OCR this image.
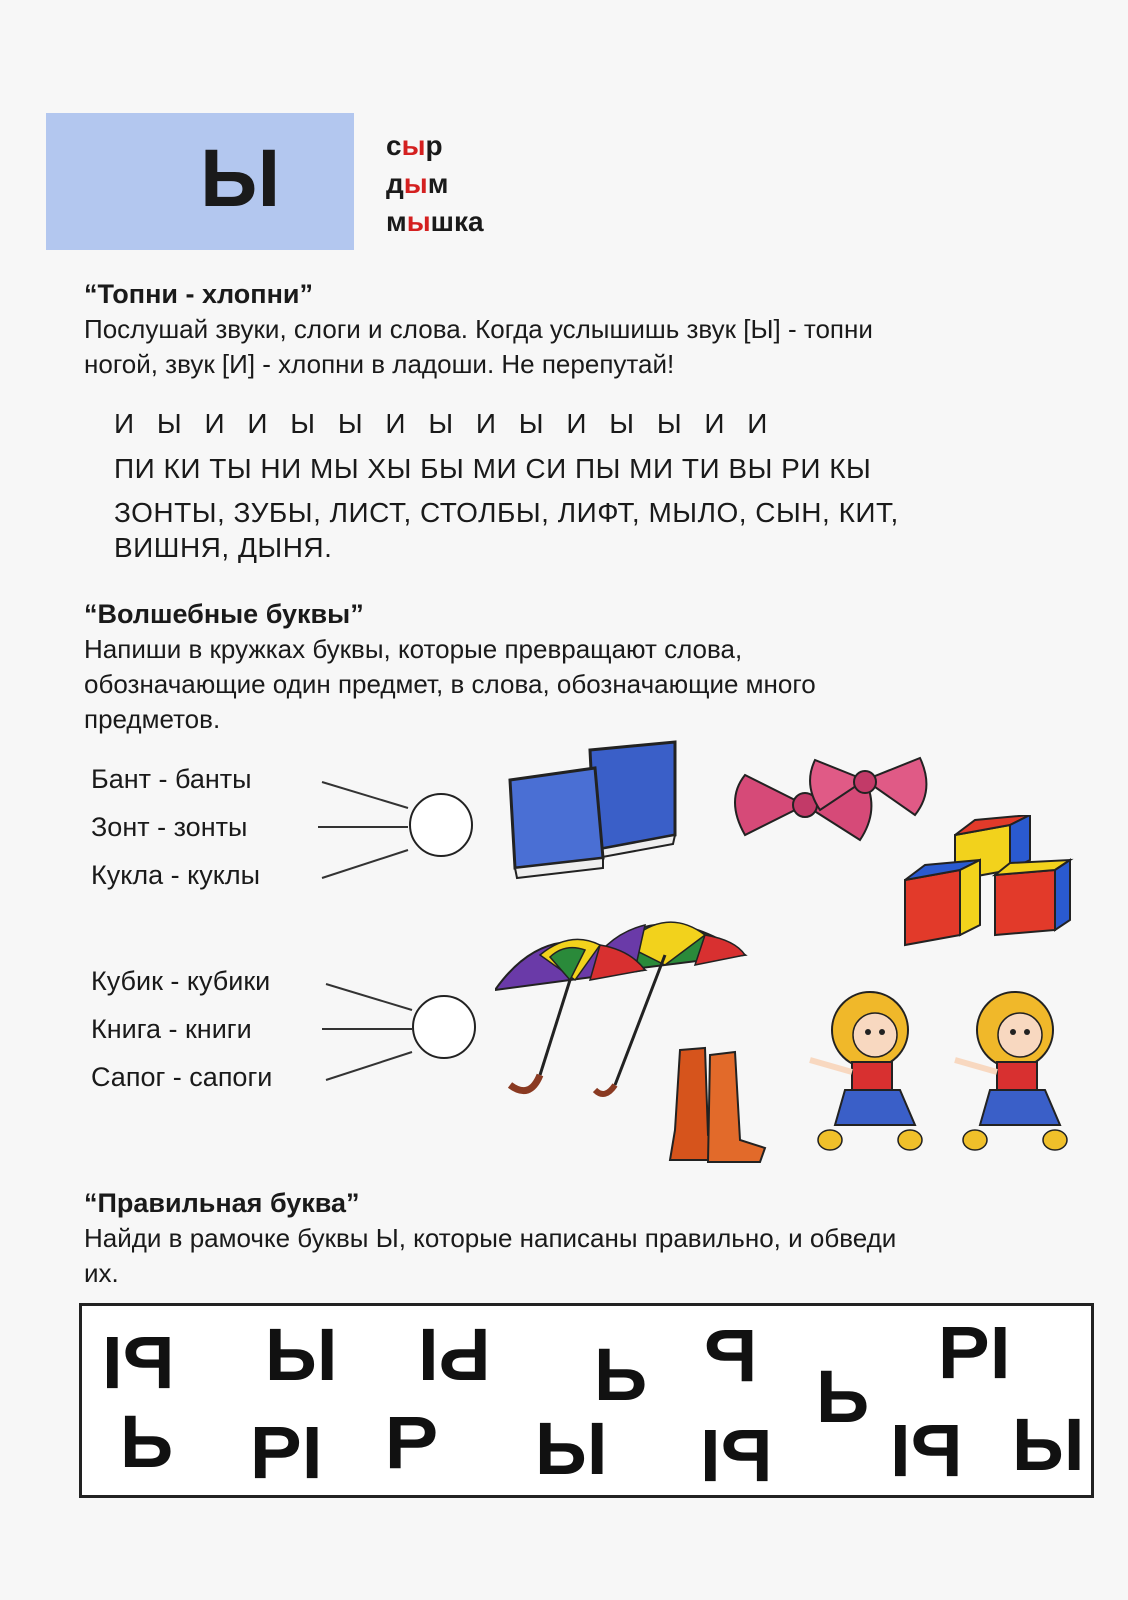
Ы	сыр
дым
мышка
“Топни - хлопни”
Послушай звуки, слоги и слова. Когда услышишь звук [Ы] - топни
ногой, звук [И] - хлопни в ладоши. Не перепутай!
И Ы И И Ы Ы И Ы И Ы И Ы Ы И И
ПИ КИ ТЫ НИ МЫ ХЫ БЫ МИ СИ ПЫ МИ ТИ ВЫ РИ КЫ
ЗОНТЫ, ЗУБЫ, ЛИСТ, СТОЛБЫ, ЛИФТ, МЫЛО, СЫН, КИТ,
ВИШНЯ, ДЫНЯ.
“Волшебные буквы”
Напиши в кружках буквы, которые превращают слова,
обозначающие один предмет, в слова, обозначающие много
предметов.
Бант - банты
Зонт - зонты
Кукла - куклы
Кубик - кубики
Книга - книги
Сапог - сапоги
“Правильная буква”
Найди в рамочке буквы Ы, которые написаны правильно, и обведи
их.
Ы Ы Ы Ь Ь Ь
Ы
Ь Ы Ь Ы Ы Ы Ы
